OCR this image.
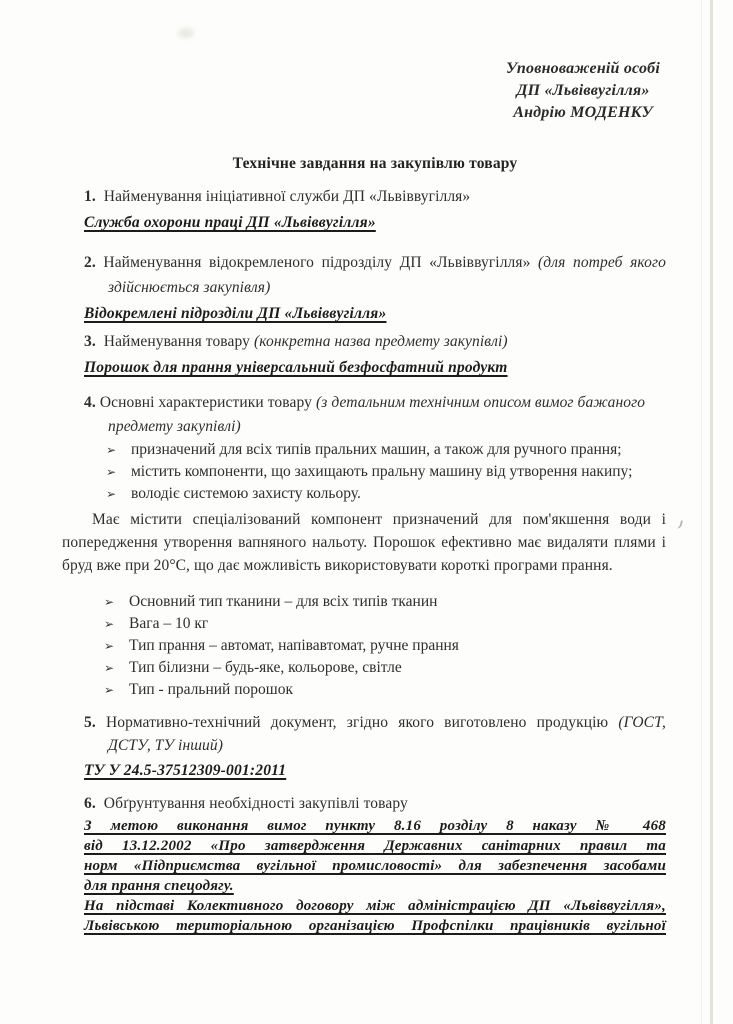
Уповноваженій особі
ДП «Львіввугілля»
Андрію МОДЕНКУ
Технічне завдання на закупівлю товару

1. Найменування ініціативної служби ДП «Львіввугілля»

Служба охорони праці ДП «Львіввугілля»

2. Найменування відокремленого підрозділу ДП «Львіввугілля» (для потреб якого здійснюється закупівля)

Відокремлені підрозділи ДП «Львіввугілля»

3. Найменування товару (конкретна назва предмету закупівлі)

Порошок для прання універсальний безфосфатний продукт

4. Основні характеристики товару (з детальним технічним описом вимог бажаного предмету закупівлі)

➢ призначений для всіх типів пральних машин, а також для ручного прання;
➢ містить компоненти, що захищають пральну машину від утворення накипу;
➢ володіє системою захисту кольору.

Має містити спеціалізований компонент призначений для пом'якшення води і попередження утворення вапняного нальоту. Порошок ефективно має видаляти плями і бруд вже при 20°С, що дає можливість використовувати короткі програми прання.

➢ Основний тип тканини – для всіх типів тканин
➢ Вага – 10 кг
➢ Тип прання – автомат, напівавтомат, ручне прання
➢ Тип білизни – будь-яке, кольорове, світле
➢ Тип - пральний порошок

5. Нормативно-технічний документ, згідно якого виготовлено продукцію (ГОСТ, ДСТУ, ТУ інший)

ТУ У 24.5-37512309-001:2011

6. Обґрунтування необхідності закупівлі товару

З метою виконання вимог пункту 8.16 розділу 8 наказу № 468
від 13.12.2002 «Про затвердження Державних санітарних правил та
норм «Підприємства вугільної промисловості» для забезпечення засобами
для прання спецодягу.
На підставі Колективного договору між адміністрацією ДП «Львіввугілля»,
Львівською територіальною організацією Профспілки працівників вугільної
